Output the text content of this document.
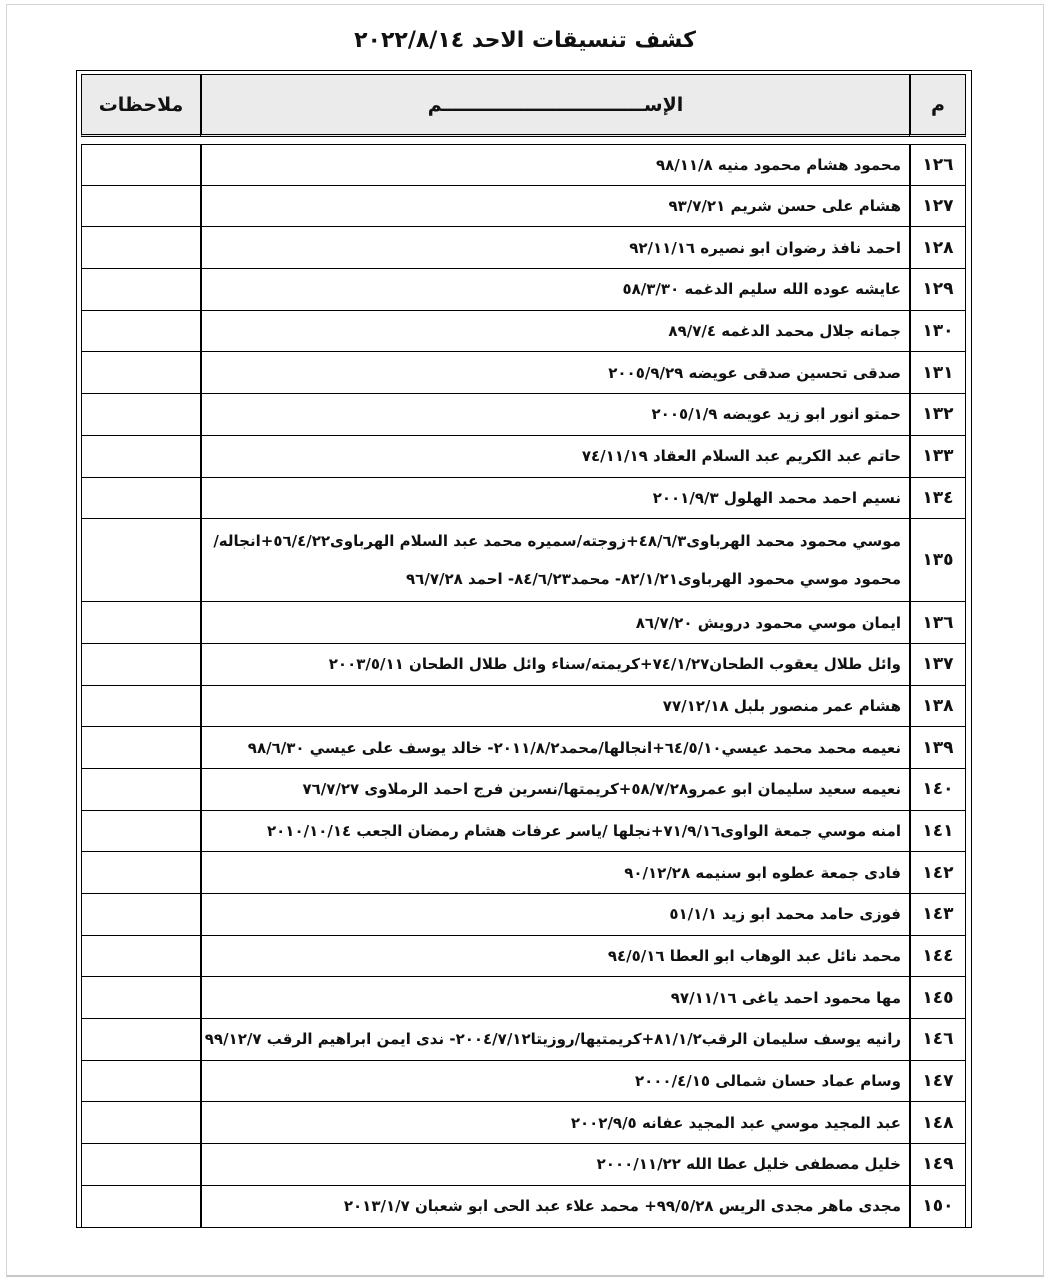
كشف تنسيقات الاحد ٢٠٢٢/٨/١٤
م	الإســـــــــــــــــــــــــــــــم	ملاحظات

١٢٦	محمود هشام محمود منيه ٩٨/١١/٨	
١٢٧	هشام على حسن شريم ٩٣/٧/٢١	
١٢٨	احمد نافذ رضوان ابو نصيره ٩٢/١١/١٦	
١٢٩	عايشه عوده الله سليم الدغمه ٥٨/٣/٣٠	
١٣٠	جمانه جلال محمد الدغمه ٨٩/٧/٤	
١٣١	صدقى تحسين صدقى عويضه ٢٠٠٥/٩/٢٩	
١٣٢	حمتو انور ابو زيد عويضه ٢٠٠٥/١/٩	
١٣٣	حاتم عبد الكريم عبد السلام العقاد ٧٤/١١/١٩	
١٣٤	نسيم احمد محمد الهلول ٢٠٠١/٩/٣	
١٣٥	موسي محمود محمد الهرباوى٤٨/٦/٣+زوجته/سميره محمد عبد السلام الهرباوى٥٦/٤/٢٢+انجاله/
محمود موسي محمود الهرباوى٨٢/١/٢١- محمد٨٤/٦/٢٣- احمد ٩٦/٧/٢٨	

١٣٦	ايمان موسي محمود درويش ٨٦/٧/٢٠	
١٣٧	وائل طلال يعقوب الطحان٧٤/١/٢٧+كريمته/سناء وائل طلال الطحان ٢٠٠٣/٥/١١	
١٣٨	هشام عمر منصور بلبل ٧٧/١٢/١٨	
١٣٩	نعيمه محمد محمد عيسي٦٤/٥/١٠+انجالها/محمد٢٠١١/٨/٢- خالد يوسف على عيسي ٩٨/٦/٣٠	
١٤٠	نعيمه سعيد سليمان ابو عمرو٥٨/٧/٢٨+كريمتها/نسرين فرج احمد الرملاوى ٧٦/٧/٢٧	
١٤١	امنه موسي جمعة الواوى٧١/٩/١٦+نجلها /ياسر عرفات هشام رمضان الجعب ٢٠١٠/١٠/١٤	
١٤٢	فادى جمعة عطوه ابو سنيمه ٩٠/١٢/٢٨	
١٤٣	فوزى حامد محمد ابو زيد ٥١/١/١	
١٤٤	محمد نائل عبد الوهاب ابو العطا ٩٤/٥/١٦	
١٤٥	مها محمود احمد ياغى ٩٧/١١/١٦	
١٤٦	رانيه يوسف سليمان الرقب٨١/١/٢+كريمتيها/روزيتا٢٠٠٤/٧/١٢- ندى ايمن ابراهيم الرقب ٩٩/١٢/٧	
١٤٧	وسام عماد حسان شمالى ٢٠٠٠/٤/١٥	
١٤٨	عبد المجيد موسي عبد المجيد عفانه ٢٠٠٢/٩/٥	
١٤٩	خليل مصطفى خليل عطا الله ٢٠٠٠/١١/٢٢	
١٥٠	مجدى ماهر مجدى الريس ٩٩/٥/٢٨+ محمد علاء عبد الحى ابو شعبان ٢٠١٣/١/٧	
